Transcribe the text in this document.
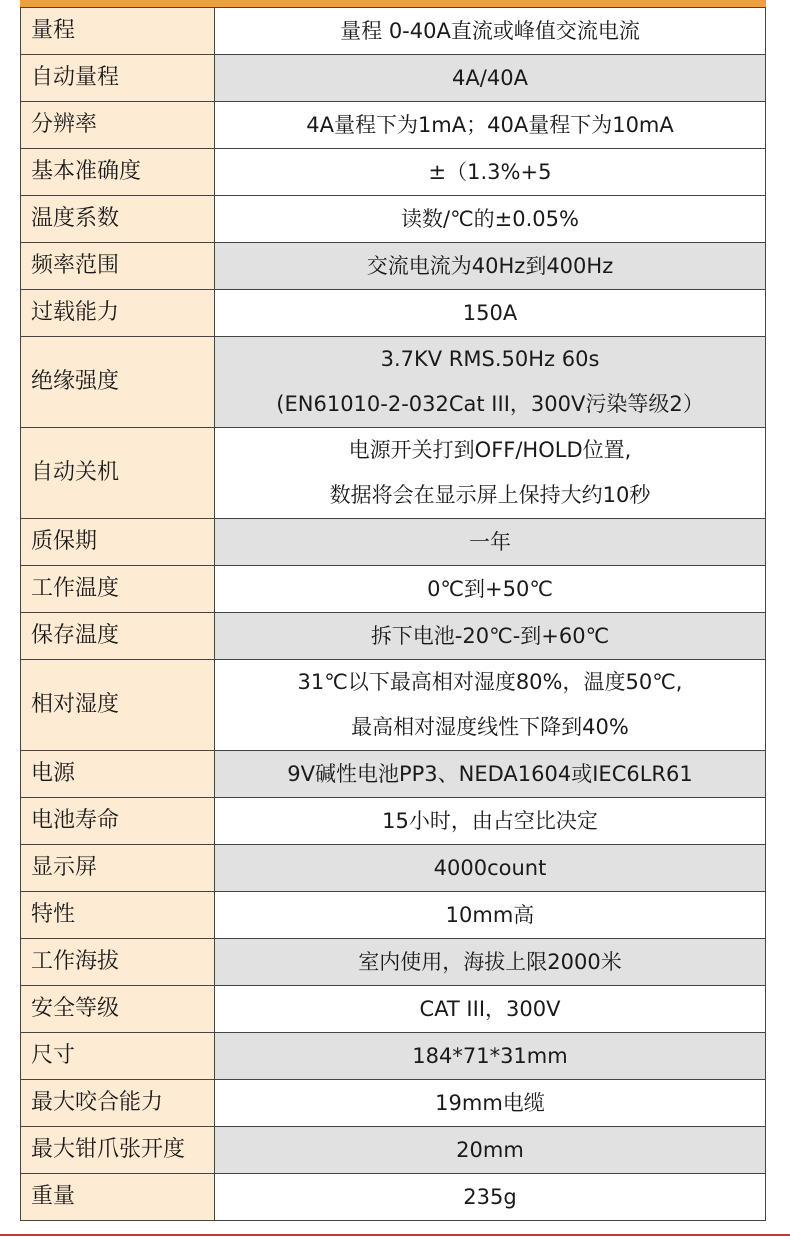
量程	量程 0-40A直流或峰值交流电流

自动量程	4A/40A

分辨率	4A量程下为1mA；40A量程下为10mA

基本准确度	±（1.3%+5

温度系数	读数/℃的±0.05%

频率范围	交流电流为40Hz到400Hz

过载能力	150A

绝缘强度	3.7KV RMS.50Hz 60s
(EN61010-2-032Cat III，300V污染等级2）

自动关机	电源开关打到OFF/HOLD位置,
数据将会在显示屏上保持大约10秒

质保期	一年

工作温度	0℃到+50℃

保存温度	拆下电池-20℃-到+60℃

相对湿度	31℃以下最高相对湿度80%，温度50℃,
最高相对湿度线性下降到40%

电源	9V碱性电池PP3、NEDA1604或IEC6LR61

电池寿命	15小时，由占空比决定

显示屏	4000count

特性	10mm高

工作海拔	室内使用，海拔上限2000米

安全等级	CAT III，300V

尺寸	184*71*31mm

最大咬合能力	19mm电缆

最大钳爪张开度	20mm

重量	235g
